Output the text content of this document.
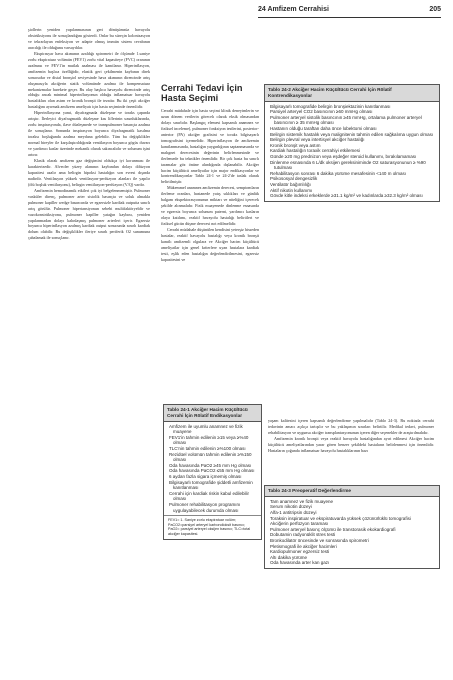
24 Amfizem Cerrahisi	205

şiollerin yeniden yapılanmasının geri dönüşümsüz havayolu obstrüksiyonu ile sonuçlandığını gösterdi. Onlar bu süreçin kolonizasyon ve tekrarlayan enfeksiyon ve adapte olmuş immün sistem cevabının aracılığı ile olduğunu varsaydılar.

Ekspirasyar hava akımının azaldığı spirometri ile ölçümde 1.saniye zorlu ekspiratuar volümün (FEV1) zorlu vital kapasiteye (FVC) oranının azalması ve FEV1'in mutlak azalması ile kanıtlanır. Hiperinflasyon, amfizemin başlıca özelliğidir, elastik geri çekilmenin kaybının direk sonucudur ve distal bronşiol seviyesinde hava akımının direncinde artış oluşmasıyla akciğerin statik volümünde azalma ile kompensatuar mekanizmalar harekete geçer. Bu olay başlıca havayolu direncinde artış olduğu ancak minimal hiperinflasyonun olduğu inflamatuar havayolu hastalıkları olan astım ve kronik bronşit ile tezattır. Bu iki çeşit akciğer hastalığını ayırmak amfizem ameliyatı için hasta seçiminde önemlidir.

Hiperinflasyona yanıt, diyafragmada düzleşme ve toraks çapında artıştır. İlerleyici diyafragmatik düzleşme kas liflerinin uzunluklarında, zorlu inspirasyonda, ilave düzleşmede ve transpulmoner basınçta azalma ile sonuçlanır. Sonunda inspirasyon boyunca diyafragmatik kasılma toraksı boşluğunda azalma meydana gelebilir. Tüm bu değişiklikler normal bireyler ile karşılaştırıldığında ventilasyon boyunca gögüs duvarı ve yardımcı kaslar üzerinde mekanik olarak sakıncalıdır ve solunum işini artırır.

Klasik olarak amfizem gaz değişimini oldukça iyi korunması ile karakterizedir. Alveoler yüzey alanının kaybından dolayı difüzyon kapasitesi azalır ama belirgin hipoksi hastalığın son evresi dışında nadirdir. Ventilasyon yüksek ventilasyon-perfüzyon alanları ile yapılır (ölü boşluk ventilasyonu), belirgin ventilasyon-perfüzyon (V/Q) vardır.

Amfizemin hemodinamik etkileri çok iyi belgelenmemiştir. Pulmoner vasküler direnç, pulmoner arter sistolik basınçta ve soluk almakla pulmoner kapiller wedge basıncında ve egzersizle kardiak outputta sınırlı artış görülür. Pulmoner hipertansiyonun sebebi multifaktöryeldir ve vazokonstrüksiyonu, pulmoner kapiller yatağın kaybını, yeniden yapılanmadan dolayı kalınlaşmış pulmoner arterleri içerir. Egzersiz boyunca hiperinflasyon azalmış kardiak output sonucunda sınırlı kardiak dolum olabilir. Bu değişiklikler ileriye sınırlı periferik O2 sunumuna çabalamak ile sonuçlanır.

Cerrahi Tedavi İçin Hasta Seçimi

Cerrahi müdahale için hasta seçimi klinik deneyimlerin ve uzun dönem verilerin görecelı olarak eksik olmasından dolayı sınırlıdır. Başlangıç elemesi kapsamlı anamnez ve fiziksel inceleme), pulmoner fonksiyon testlerini, posterior-anterior (PA) akciğer grafisini ve toraks bilgisayarlı tomografisini içermelidir. Hiperinflasyon ile amfizemin kanıtlanmasında, hastalığın yaygınlığının saptanmasında ve malıgnet derecesinin değerinin belirlenmesinde ve ilerlemede bu teknikler önemlidir. Bir çok hasta bu sınırlı taramalar göz önüne alındığında dışlanabilir. Akciğer hacim küçültücü ameliyatlar için major endikasyonlar ve kontrendikasyonlar Tablo 24-1 ve 24-2'de taslak olarak belirtilmiştir.

Mükemmel anamnez amfizemin derecesi, semptomların ilerleme oranları, hastanede yatış sıklıkları ve günlük balgam ekspektorasyonunun miktarı ve niteliğini içerecek şekilde alınmalıdır. Fizik muayenede dinlenme esnasında ve egzersiz boyunca solunum paterni, yardımcı kasların olaya katılımı, reaktif havayolu hastalığı belirtileri ve fiziksel gücün düşme derecesi not edilmelidir.

Cerrahi müdahale düşünülen kendisini yeterşiz hisseden hastalar, reaktif havayolu hastalığı veya kronik bronşit kanıtlı amfizemli olgulara ve Akciğer hacim küçültücü ameliyatlar için genel kriterlere uyan hastalara kardiak testi, eşlik eden hastalığın değerlendirilmesini, egzersiz kapasitesini ve

yaşam kalitesini içeren kapsamlı değerlendirme yapılmalıdır (Tablo 24-3). Bu noktada cerrahi tedavinin amacı açıkça tartışılır ve bu yaklaşımın sınırları belirtilir. Medikal tedavi, pulmoner rehabilitasyon ve uygunsa akciğer transplantasyonunun içeren diğer seçenekler de araştırılmalıdır.

Amfizemin kronik bronşit veya reaktif havayolu hastalığından ayırt edilmesi Akciğer hacim küçültücü ameliyatlarından yarar gören benzer şekildeki hastaların belirlenmesi için önemlidir. Hastaların çoğunda inflamatuar havayolu hastalıklarının bazı

Tablo 24-2 Akciğer Hacim Küçültücü Cerrahi İçin Rölatif Kontrendikasyonlar
Bilgisayarlı tomografide belirgin bronşiektazinin kanıtlanması
Parsiyel arteryel CO2 basıncının ≥60 mmHg olması
Pulmoner arteryel sistolik basıncının ≥45 mmHg, ortalama pulmoner arteryel basıncının ≥ 35 mmHg olması
Hastanın olduğu taraftan daha önce lobektomi olması
Belirgin sistemik hastalık veya malignitenin tahmin edilen sağkalıma uygun olması
Belirgin plevral veya intertisyel akciğer hastalığı
Kronik bronşit veya astım
Kardiak hastalığın toraxik cerrahiyi etkilemesi
Günde ≥20 mg prednizon veya eşdeğer steroid kullanımı, bırakılamaması
Dinlenme esnasında 6 L/dk oksijen gereksiniminde O2 saturasyonunun ≥ %90 tutulması
Rehabilitasyon sonrası 6 dakika yürüme mesafesinin <140 m olması
Psikososyal dengesizlik
Ventilatör bağımlılığı
Aktif nikotin kullanımı
Gövde kitle indeksi erkeklerde ≥31.1 kg/m² ve kadınlarda ≥32.3 kg/m² olması
Tablo 24-1 Akciğer Hacim Küçültücü Cerrahi İçin Rölatif Endikasyonlar
Amfizem ile uyumlu anamnez ve fizik muayene
FEV1'in tahmin edilenin ≥15 veya ≥%40 olması
TLC'nin tahmin edilenin ≥%100 olması
Rezidüel volümün tahmin edilenin ≥%150 olması
Oda havasında PaO2 ≥45 mm Hg olması
Oda havasında PaCO2 ≤55 mm Hg olması
6 aydan fazla sigara içmemiş olması
Bilgisayarlı tomografide şiddetli amfizemin kanıtlanması
Cerrahi için kardiak riskin kabul edilebilir olması
Pulmoner rehabilitasyon programını uygulayabilecek durumda olması
FEV1= 1. Saniye zorlu ekspiratuar volüm; PaCO2=parsiyel arteryel karbondioksit basıncı; PaO2= parsiyel arteryel oksijen basıncı; TLC=total akciğer kapasitesi.
Tablo 24-3 Preoperatif Değerlendirme
Tam anamnez ve fizik muayene
Serum nikotin düzeyi
Alfa-1 antitripsin düzeyi
Toraksin inspiratuar ve ekspiratuvarda yüksek çözünürlüklü tomografisi
Akciğerin perfüzyon taraması
Pulmoner arteryel basınç ölçümü ile transtorasik ekokardiografi
Dobutamin radyonüklit stres testi
Bronkodilatör öncesinde ve sonrasında spirometri
Pletismografi ile akciğer hacimleri
Kardiopulmoner egzersiz testi
Altı dakika yürüme
Oda havasında arter kan gazı
